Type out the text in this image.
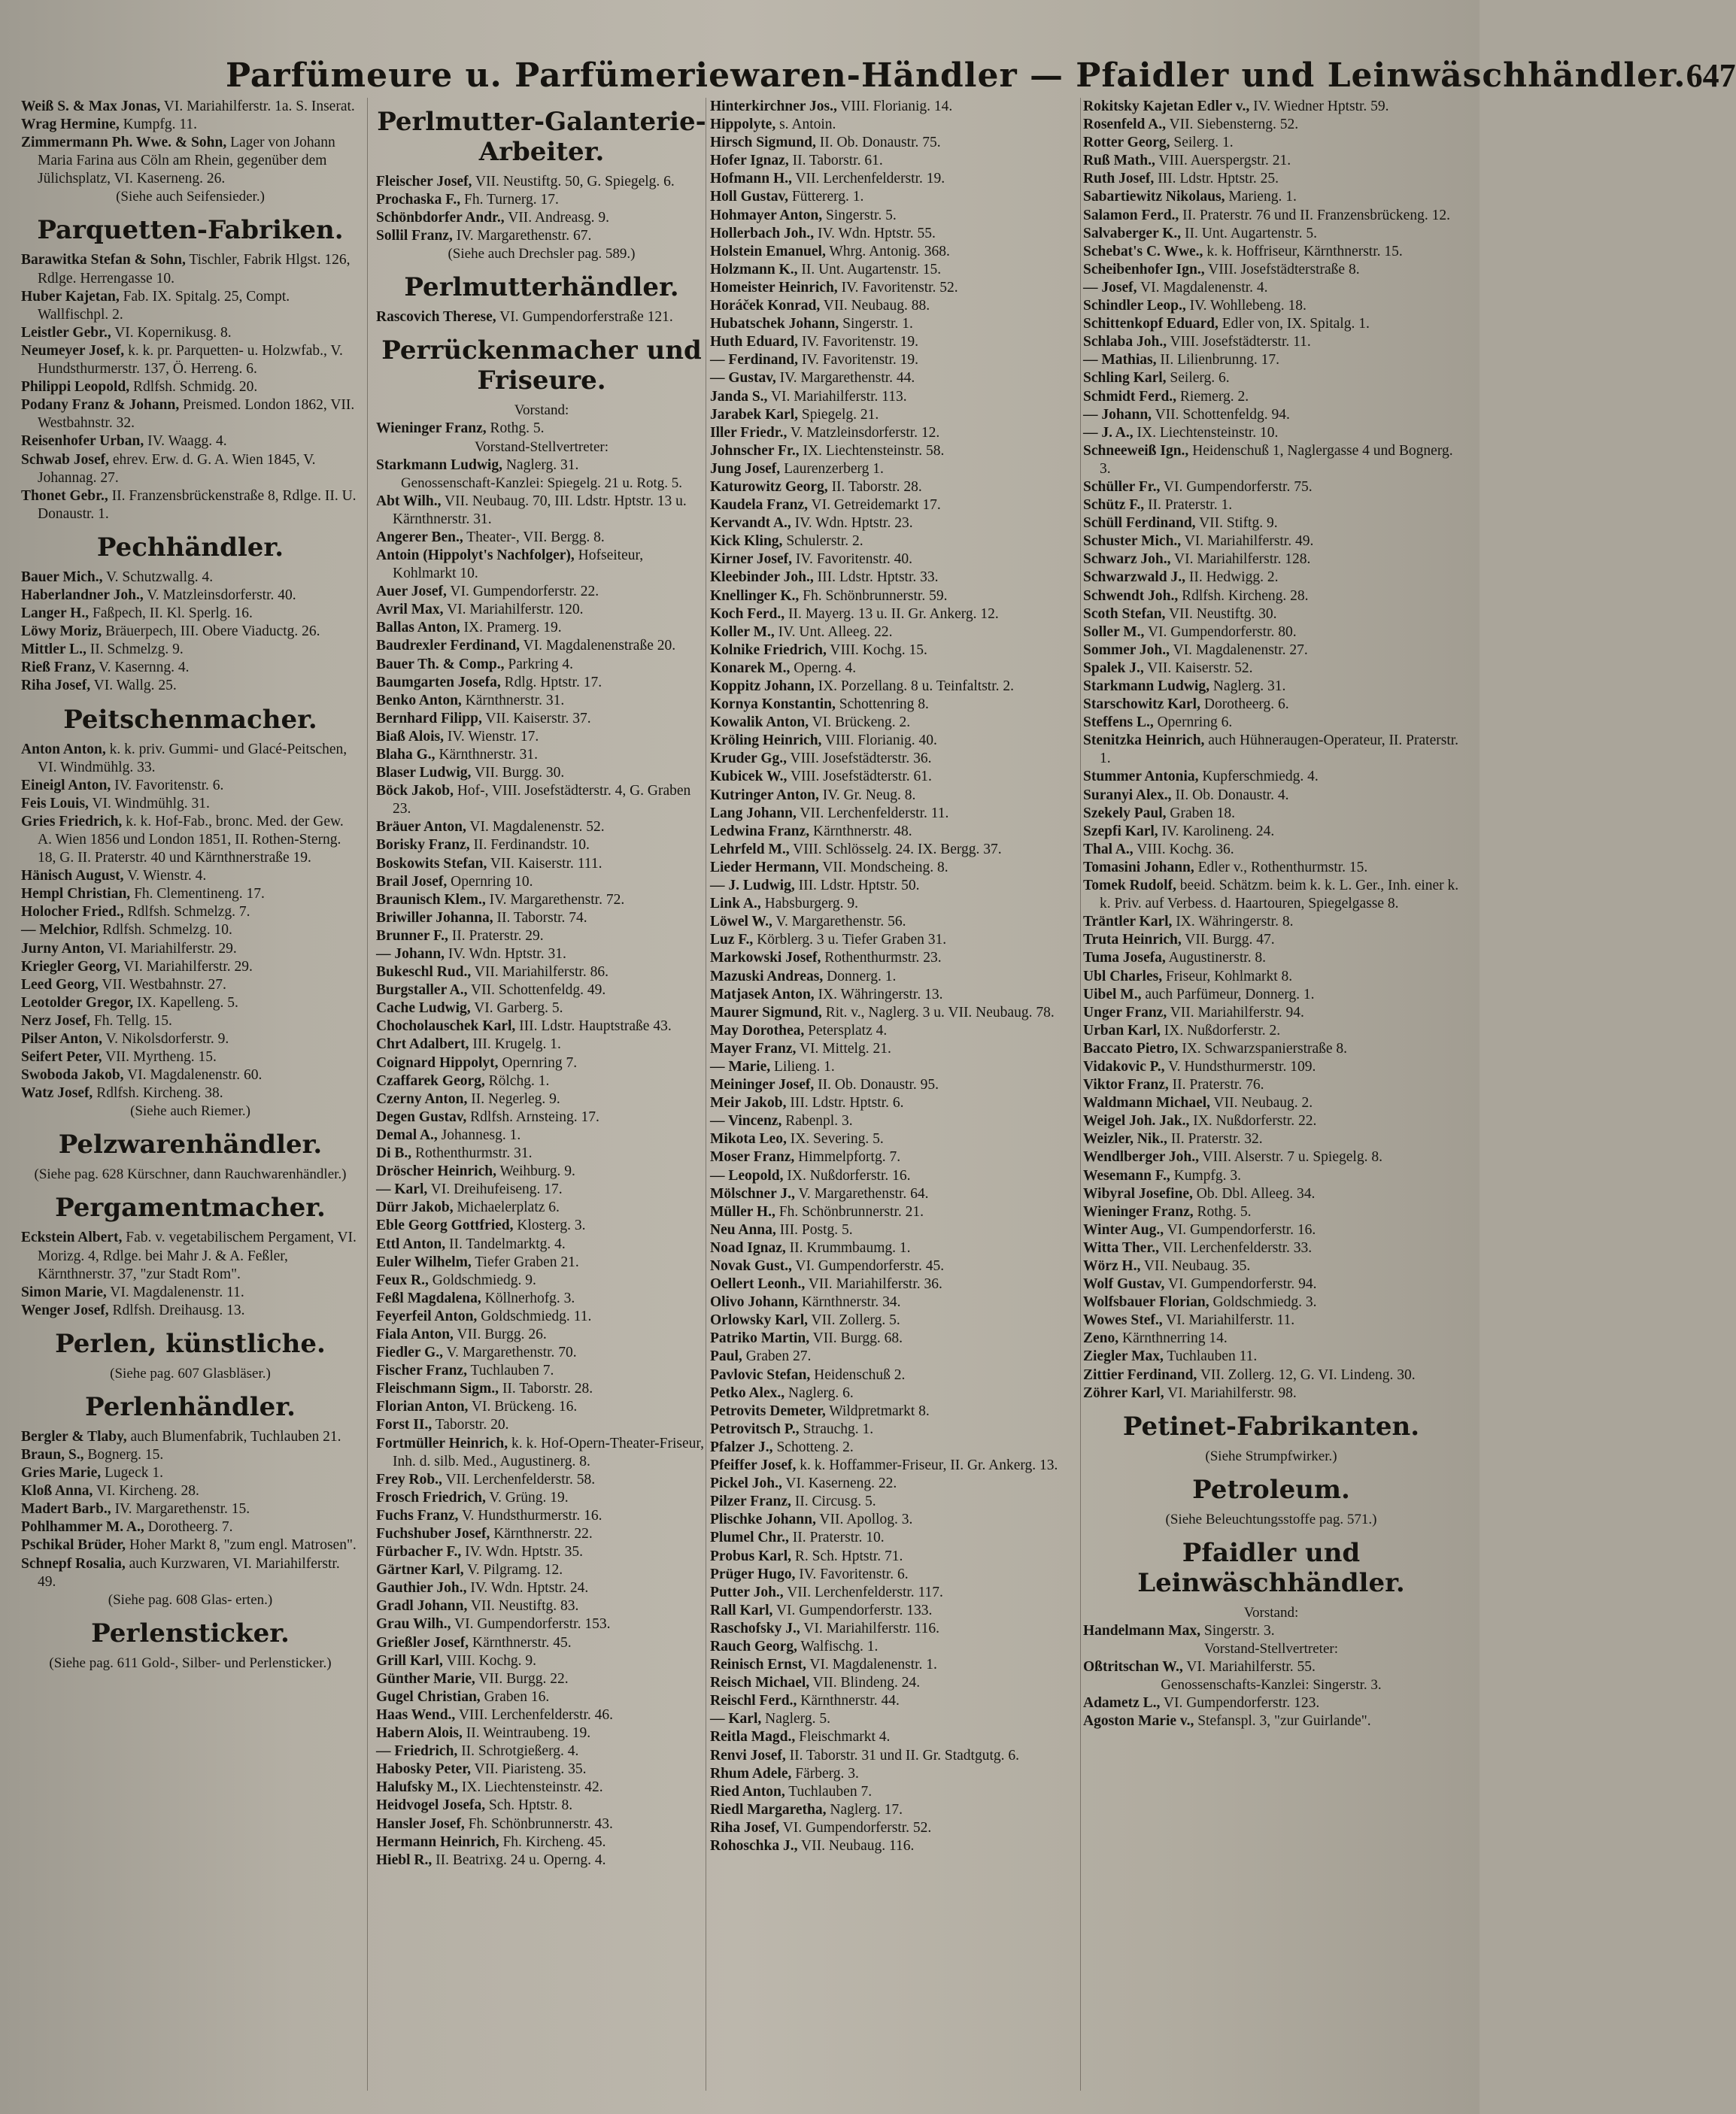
Parfümeure u. Parfümeriewaren-Händler — Pfaidler und Leinwäschhändler. 647
Weiß S. & Max Jonas, VI. Mariahilferstr. 1a. S. Inserat.
Wrag Hermine, Kumpfg. 11.
Zimmermann Ph. Wwe. & Sohn, Lager von Johann Maria Farina aus Cöln am Rhein, gegenüber dem Jülichsplatz, VI. Kaserneng. 26.
(Siehe auch Seifensieder.)
Parquetten-Fabriken.
Barawitka Stefan & Sohn, Tischler, Fabrik Hlgst. 126, Rdlge. Herrengasse 10.
Huber Kajetan, Fab. IX. Spitalg. 25, Compt. Wallfischpl. 2.
Leistler Gebr., VI. Kopernikusg. 8.
Neumeyer Josef, k. k. pr. Parquetten- u. Holzwfab., V. Hundsthurmerstr. 137, Ö. Herreng. 6.
Philippi Leopold, Rdlfsh. Schmidg. 20.
Podany Franz & Johann, Preismed. London 1862, VII. Westbahnstr. 32.
Reisenhofer Urban, IV. Waagg. 4.
Schwab Josef, ehrev. Erw. d. G. A. Wien 1845, V. Johannag. 27.
Thonet Gebr., II. Franzensbrückenstraße 8, Rdlge. II. U. Donaustr. 1.
Pechhändler.
Bauer Mich., V. Schutzwallg. 4.
Haberlandner Joh., V. Matzleinsdorferstr. 40.
Langer H., Faßpech, II. Kl. Sperlg. 16.
Löwy Moriz, Bräuerpech, III. Obere Viaductg. 26.
Mittler L., II. Schmelzg. 9.
Rieß Franz, V. Kasernng. 4.
Riha Josef, VI. Wallg. 25.
Peitschenmacher.
Anton Anton, k. k. priv. Gummi- und Glacé-Peitschen, VI. Windmühlg. 33.
Eineigl Anton, IV. Favoritenstr. 6.
Feis Louis, VI. Windmühlg. 31.
Gries Friedrich, k. k. Hof-Fab., bronc. Med. der Gew. A. Wien 1856 und London 1851, II. Rothen-Sterng. 18, G. II. Praterstr. 40 und Kärnthnerstraße 19.
Hänisch August, V. Wienstr. 4.
Hempl Christian, Fh. Clementineng. 17.
Holocher Fried., Rdlfsh. Schmelzg. 7.
— Melchior, Rdlfsh. Schmelzg. 10.
Jurny Anton, VI. Mariahilferstr. 29.
Kriegler Georg, VI. Mariahilferstr. 29.
Leed Georg, VII. Westbahnstr. 27.
Leotolder Gregor, IX. Kapelleng. 5.
Nerz Josef, Fh. Tellg. 15.
Pilser Anton, V. Nikolsdorferstr. 9.
Seifert Peter, VII. Myrtheng. 15.
Swoboda Jakob, VI. Magdalenenstr. 60.
Watz Josef, Rdlfsh. Kircheng. 38.
(Siehe auch Riemer.)
Pelzwarenhändler.
(Siehe pag. 628 Kürschner, dann Rauchwarenhändler.)
Pergamentmacher.
Eckstein Albert, Fab. v. vegetabilischem Pergament, VI. Morizg. 4, Rdlge. bei Mahr J. & A. Feßler, Kärnthnerstr. 37, "zur Stadt Rom".
Simon Marie, VI. Magdalenenstr. 11.
Wenger Josef, Rdlfsh. Dreihausg. 13.
Perlen, künstliche.
(Siehe pag. 607 Glasbläser.)
Perlenhändler.
Bergler & Tlaby, auch Blumenfabrik, Tuchlauben 21.
Braun, S., Bognerg. 15.
Gries Marie, Lugeck 1.
Kloß Anna, VI. Kircheng. 28.
Madert Barb., IV. Margarethenstr. 15.
Pohlhammer M. A., Dorotheerg. 7.
Pschikal Brüder, Hoher Markt 8, "zum engl. Matrosen".
Schnepf Rosalia, auch Kurzwaren, VI. Mariahilferstr. 49.
(Siehe pag. 608 Glas- erten.)
Perlensticker.
(Siehe pag. 611 Gold-, Silber- und Perlensticker.)
Perlmutter-Galanterie-Arbeiter.
Fleischer Josef, VII. Neustiftg. 50, G. Spiegelg. 6.
Prochaska F., Fh. Turnerg. 17.
Schönbdorfer Andr., VII. Andreasg. 9.
Sollil Franz, IV. Margarethenstr. 67.
(Siehe auch Drechsler pag. 589.)
Perlmutterhändler.
Rascovich Therese, VI. Gumpendorferstraße 121.
Perrückenmacher und Friseure.
Vorstand:
Wieninger Franz, Rothg. 5.
Vorstand-Stellvertreter:
Starkmann Ludwig, Naglerg. 31.
Genossenschaft-Kanzlei: Spiegelg. 21 u. Rotg. 5.
Abt Wilh., VII. Neubaug. 70, III. Ldstr. Hptstr. 13 u. Kärnthnerstr. 31.
Angerer Ben., Theater-, VII. Bergg. 8.
Antoin (Hippolyt's Nachfolger), Hofseiteur, Kohlmarkt 10.
Auer Josef, VI. Gumpendorferstr. 22.
Avril Max, VI. Mariahilferstr. 120.
Ballas Anton, IX. Pramerg. 19.
Baudrexler Ferdinand, VI. Magdalenenstraße 20.
Bauer Th. & Comp., Parkring 4.
Baumgarten Josefa, Rdlg. Hptstr. 17.
Benko Anton, Kärnthnerstr. 31.
Bernhard Filipp, VII. Kaiserstr. 37.
Biaß Alois, IV. Wienstr. 17.
Blaha G., Kärnthnerstr. 31.
Blaser Ludwig, VII. Burgg. 30.
Böck Jakob, Hof-, VIII. Josefstädterstr. 4, G. Graben 23.
Bräuer Anton, VI. Magdalenenstr. 52.
Borisky Franz, II. Ferdinandstr. 10.
Boskowits Stefan, VII. Kaiserstr. 111.
Brail Josef, Opernring 10.
Braunisch Klem., IV. Margarethenstr. 72.
Briwiller Johanna, II. Taborstr. 74.
Brunner F., II. Praterstr. 29.
— Johann, IV. Wdn. Hptstr. 31.
Bukeschl Rud., VII. Mariahilferstr. 86.
Burgstaller A., VII. Schottenfeldg. 49.
Cache Ludwig, VI. Garberg. 5.
Chocholauschek Karl, III. Ldstr. Hauptstraße 43.
Chrt Adalbert, III. Krugelg. 1.
Coignard Hippolyt, Opernring 7.
Czaffarek Georg, Rölchg. 1.
Czerny Anton, II. Negerleg. 9.
Degen Gustav, Rdlfsh. Arnsteing. 17.
Demal A., Johannesg. 1.
Di B., Rothenthurmstr. 31.
Dröscher Heinrich, Weihburg. 9.
— Karl, VI. Dreihufeiseng. 17.
Dürr Jakob, Michaelerplatz 6.
Eble Georg Gottfried, Klosterg. 3.
Ettl Anton, II. Tandelmarktg. 4.
Euler Wilhelm, Tiefer Graben 21.
Feux R., Goldschmiedg. 9.
Feßl Magdalena, Köllnerhofg. 3.
Feyerfeil Anton, Goldschmiedg. 11.
Fiala Anton, VII. Burgg. 26.
Fiedler G., V. Margarethenstr. 70.
Fischer Franz, Tuchlauben 7.
Fleischmann Sigm., II. Taborstr. 28.
Florian Anton, VI. Brückeng. 16.
Forst II., Taborstr. 20.
Fortmüller Heinrich, k. k. Hof-Opern-Theater-Friseur, Inh. d. silb. Med., Augustinerg. 8.
Frey Rob., VII. Lerchenfelderstr. 58.
Frosch Friedrich, V. Grüng. 19.
Fuchs Franz, V. Hundsthurmerstr. 16.
Fuchshuber Josef, Kärnthnerstr. 22.
Fürbacher F., IV. Wdn. Hptstr. 35.
Gärtner Karl, V. Pilgramg. 12.
Gauthier Joh., IV. Wdn. Hptstr. 24.
Gradl Johann, VII. Neustiftg. 83.
Grau Wilh., VI. Gumpendorferstr. 153.
Grießler Josef, Kärnthnerstr. 45.
Grill Karl, VIII. Kochg. 9.
Günther Marie, VII. Burgg. 22.
Gugel Christian, Graben 16.
Haas Wend., VIII. Lerchenfelderstr. 46.
Habern Alois, II. Weintraubeng. 19.
— Friedrich, II. Schrotgießerg. 4.
Habosky Peter, VII. Piaristeng. 35.
Halufsky M., IX. Liechtensteinstr. 42.
Heidvogel Josefa, Sch. Hptstr. 8.
Hansler Josef, Fh. Schönbrunnerstr. 43.
Hermann Heinrich, Fh. Kircheng. 45.
Hiebl R., II. Beatrixg. 24 u. Operng. 4.
Hinterkirchner Jos., VIII. Florianig. 14.
Hippolyte, s. Antoin.
Hirsch Sigmund, II. Ob. Donaustr. 75.
Hofer Ignaz, II. Taborstr. 61.
Hofmann H., VII. Lerchenfelderstr. 19.
Holl Gustav, Füttererg. 1.
Hohmayer Anton, Singerstr. 5.
Hollerbach Joh., IV. Wdn. Hptstr. 55.
Holstein Emanuel, Whrg. Antonig. 368.
Holzmann K., II. Unt. Augartenstr. 15.
Homeister Heinrich, IV. Favoritenstr. 52.
Horáček Konrad, VII. Neubaug. 88.
Hubatschek Johann, Singerstr. 1.
Huth Eduard, IV. Favoritenstr. 19.
— Ferdinand, IV. Favoritenstr. 19.
— Gustav, IV. Margarethenstr. 44.
Janda S., VI. Mariahilferstr. 113.
Jarabek Karl, Spiegelg. 21.
Iller Friedr., V. Matzleinsdorferstr. 12.
Johnscher Fr., IX. Liechtensteinstr. 58.
Jung Josef, Laurenzerberg 1.
Katurowitz Georg, II. Taborstr. 28.
Kaudela Franz, VI. Getreidemarkt 17.
Kervandt A., IV. Wdn. Hptstr. 23.
Kick Kling, Schulerstr. 2.
Kirner Josef, IV. Favoritenstr. 40.
Kleebinder Joh., III. Ldstr. Hptstr. 33.
Knellinger K., Fh. Schönbrunnerstr. 59.
Koch Ferd., II. Mayerg. 13 u. II. Gr. Ankerg. 12.
Koller M., IV. Unt. Alleeg. 22.
Kolnike Friedrich, VIII. Kochg. 15.
Konarek M., Operng. 4.
Koppitz Johann, IX. Porzellang. 8 u. Teinfaltstr. 2.
Kornya Konstantin, Schottenring 8.
Kowalik Anton, VI. Brückeng. 2.
Kröling Heinrich, VIII. Florianig. 40.
Kruder Gg., VIII. Josefstädterstr. 36.
Kubicek W., VIII. Josefstädterstr. 61.
Kutringer Anton, IV. Gr. Neug. 8.
Lang Johann, VII. Lerchenfelderstr. 11.
Ledwina Franz, Kärnthnerstr. 48.
Lehrfeld M., VIII. Schlösselg. 24. IX. Bergg. 37.
Lieder Hermann, VII. Mondscheing. 8.
— J. Ludwig, III. Ldstr. Hptstr. 50.
Link A., Habsburgerg. 9.
Löwel W., V. Margarethenstr. 56.
Luz F., Körblerg. 3 u. Tiefer Graben 31.
Markowski Josef, Rothenthurmstr. 23.
Mazuski Andreas, Donnerg. 1.
Matjasek Anton, IX. Währingerstr. 13.
Maurer Sigmund, Rit. v., Naglerg. 3 u. VII. Neubaug. 78.
May Dorothea, Petersplatz 4.
Mayer Franz, VI. Mittelg. 21.
— Marie, Lilieng. 1.
Meininger Josef, II. Ob. Donaustr. 95.
Meir Jakob, III. Ldstr. Hptstr. 6.
— Vincenz, Rabenpl. 3.
Mikota Leo, IX. Severing. 5.
Moser Franz, Himmelpfortg. 7.
— Leopold, IX. Nußdorferstr. 16.
Mölschner J., V. Margarethenstr. 64.
Müller H., Fh. Schönbrunnerstr. 21.
Neu Anna, III. Postg. 5.
Noad Ignaz, II. Krummbaumg. 1.
Novak Gust., VI. Gumpendorferstr. 45.
Oellert Leonh., VII. Mariahilferstr. 36.
Olivo Johann, Kärnthnerstr. 34.
Orlowsky Karl, VII. Zollerg. 5.
Patriko Martin, VII. Burgg. 68.
Paul, Graben 27.
Pavlovic Stefan, Heidenschuß 2.
Petko Alex., Naglerg. 6.
Petrovits Demeter, Wildpretmarkt 8.
Petrovitsch P., Strauchg. 1.
Pfalzer J., Schotteng. 2.
Pfeiffer Josef, k. k. Hoffammer-Friseur, II. Gr. Ankerg. 13.
Pickel Joh., VI. Kaserneng. 22.
Pilzer Franz, II. Circusg. 5.
Plischke Johann, VII. Apollog. 3.
Plumel Chr., II. Praterstr. 10.
Probus Karl, R. Sch. Hptstr. 71.
Prüger Hugo, IV. Favoritenstr. 6.
Putter Joh., VII. Lerchenfelderstr. 117.
Rall Karl, VI. Gumpendorferstr. 133.
Raschofsky J., VI. Mariahilferstr. 116.
Rauch Georg, Walfischg. 1.
Reinisch Ernst, VI. Magdalenenstr. 1.
Reisch Michael, VII. Blindeng. 24.
Reischl Ferd., Kärnthnerstr. 44.
— Karl, Naglerg. 5.
Reitla Magd., Fleischmarkt 4.
Renvi Josef, II. Taborstr. 31 und II. Gr. Stadtgutg. 6.
Rhum Adele, Färberg. 3.
Ried Anton, Tuchlauben 7.
Riedl Margaretha, Naglerg. 17.
Riha Josef, VI. Gumpendorferstr. 52.
Rohoschka J., VII. Neubaug. 116.
Rokitsky Kajetan Edler v., IV. Wiedner Hptstr. 59.
Rosenfeld A., VII. Siebensterng. 52.
Rotter Georg, Seilerg. 1.
Ruß Math., VIII. Auerspergstr. 21.
Ruth Josef, III. Ldstr. Hptstr. 25.
Sabartiewitz Nikolaus, Marieng. 1.
Salamon Ferd., II. Praterstr. 76 und II. Franzensbrückeng. 12.
Salvaberger K., II. Unt. Augartenstr. 5.
Schebat's C. Wwe., k. k. Hoffriseur, Kärnthnerstr. 15.
Scheibenhofer Ign., VIII. Josefstädterstraße 8.
— Josef, VI. Magdalenenstr. 4.
Schindler Leop., IV. Wohllebeng. 18.
Schittenkopf Eduard, Edler von, IX. Spitalg. 1.
Schlaba Joh., VIII. Josefstädterstr. 11.
— Mathias, II. Lilienbrunng. 17.
Schling Karl, Seilerg. 6.
Schmidt Ferd., Riemerg. 2.
— Johann, VII. Schottenfeldg. 94.
— J. A., IX. Liechtensteinstr. 10.
Schneeweiß Ign., Heidenschuß 1, Naglergasse 4 und Bognerg. 3.
Schüller Fr., VI. Gumpendorferstr. 75.
Schütz F., II. Praterstr. 1.
Schüll Ferdinand, VII. Stiftg. 9.
Schuster Mich., VI. Mariahilferstr. 49.
Schwarz Joh., VI. Mariahilferstr. 128.
Schwarzwald J., II. Hedwigg. 2.
Schwendt Joh., Rdlfsh. Kircheng. 28.
Scoth Stefan, VII. Neustiftg. 30.
Soller M., VI. Gumpendorferstr. 80.
Sommer Joh., VI. Magdalenenstr. 27.
Spalek J., VII. Kaiserstr. 52.
Starkmann Ludwig, Naglerg. 31.
Starschowitz Karl, Dorotheerg. 6.
Steffens L., Opernring 6.
Stenitzka Heinrich, auch Hühneraugen-Operateur, II. Praterstr. 1.
Stummer Antonia, Kupferschmiedg. 4.
Suranyi Alex., II. Ob. Donaustr. 4.
Szekely Paul, Graben 18.
Szepfi Karl, IV. Karolineng. 24.
Thal A., VIII. Kochg. 36.
Tomasini Johann, Edler v., Rothenthurmstr. 15.
Tomek Rudolf, beeid. Schätzm. beim k. k. L. Ger., Inh. einer k. k. Priv. auf Verbess. d. Haartouren, Spiegelgasse 8.
Träntler Karl, IX. Währingerstr. 8.
Truta Heinrich, VII. Burgg. 47.
Tuma Josefa, Augustinerstr. 8.
Ubl Charles, Friseur, Kohlmarkt 8.
Uibel M., auch Parfümeur, Donnerg. 1.
Unger Franz, VII. Mariahilferstr. 94.
Urban Karl, IX. Nußdorferstr. 2.
Baccato Pietro, IX. Schwarzspanierstraße 8.
Vidakovic P., V. Hundsthurmerstr. 109.
Viktor Franz, II. Praterstr. 76.
Waldmann Michael, VII. Neubaug. 2.
Weigel Joh. Jak., IX. Nußdorferstr. 22.
Weizler, Nik., II. Praterstr. 32.
Wendlberger Joh., VIII. Alserstr. 7 u. Spiegelg. 8.
Wesemann F., Kumpfg. 3.
Wibyral Josefine, Ob. Dbl. Alleeg. 34.
Wieninger Franz, Rothg. 5.
Winter Aug., VI. Gumpendorferstr. 16.
Witta Ther., VII. Lerchenfelderstr. 33.
Wörz H., VII. Neubaug. 35.
Wolf Gustav, VI. Gumpendorferstr. 94.
Wolfsbauer Florian, Goldschmiedg. 3.
Wowes Stef., VI. Mariahilferstr. 11.
Zeno, Kärnthnerring 14.
Ziegler Max, Tuchlauben 11.
Zittier Ferdinand, VII. Zollerg. 12, G. VI. Lindeng. 30.
Zöhrer Karl, VI. Mariahilferstr. 98.
Petinet-Fabrikanten.
(Siehe Strumpfwirker.)
Petroleum.
(Siehe Beleuchtungsstoffe pag. 571.)
Pfaidler und Leinwäschhändler.
Vorstand:
Handelmann Max, Singerstr. 3.
Vorstand-Stellvertreter:
Oßtritschan W., VI. Mariahilferstr. 55.
Genossenschafts-Kanzlei: Singerstr. 3.
Adametz L., VI. Gumpendorferstr. 123.
Agoston Marie v., Stefanspl. 3, "zur Guirlande".
